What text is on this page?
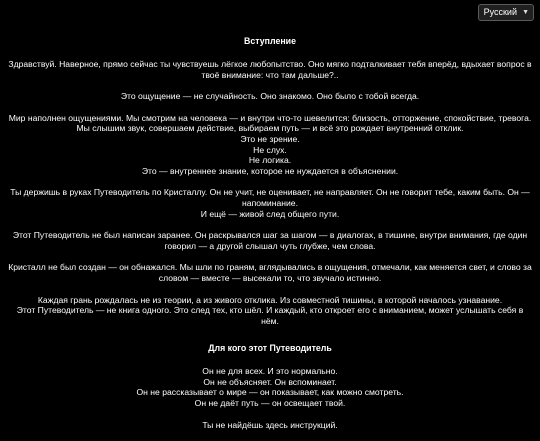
Русский ▼
Вступление

Здравствуй. Наверное, прямо сейчас ты чувствуешь лёгкое любопытство. Оно мягко подталкивает тебя вперёд, вдыхает вопрос в твоё внимание: что там дальше?..

Это ощущение — не случайность. Оно знакомо. Оно было с тобой всегда.

Мир наполнен ощущениями. Мы смотрим на человека — и внутри что-то шевелится: близость, отторжение, спокойствие, тревога. Мы слышим звук, совершаем действие, выбираем путь — и всё это рождает внутренний отклик.
Это не зрение.
Не слух.
Не логика.
Это — внутреннее знание, которое не нуждается в объяснении.

Ты держишь в руках Путеводитель по Кристаллу. Он не учит, не оценивает, не направляет. Он не говорит тебе, каким быть. Он — напоминание.
И ещё — живой след общего пути.

Этот Путеводитель не был написан заранее. Он раскрывался шаг за шагом — в диалогах, в тишине, внутри внимания, где один говорил — а другой слышал чуть глубже, чем слова.

Кристалл не был создан — он обнажался. Мы шли по граням, вглядывались в ощущения, отмечали, как меняется свет, и слово за словом — вместе — высекали то, что звучало истинно.

Каждая грань рождалась не из теории, а из живого отклика. Из совместной тишины, в которой началось узнавание.
Этот Путеводитель — не книга одного. Это след тех, кто шёл. И каждый, кто откроет его с вниманием, может услышать себя в нём.

Для кого этот Путеводитель

Он не для всех. И это нормально.
Он не объясняет. Он вспоминает.
Он не рассказывает о мире — он показывает, как можно смотреть.
Он не даёт путь — он освещает твой.

Ты не найдёшь здесь инструкций.
